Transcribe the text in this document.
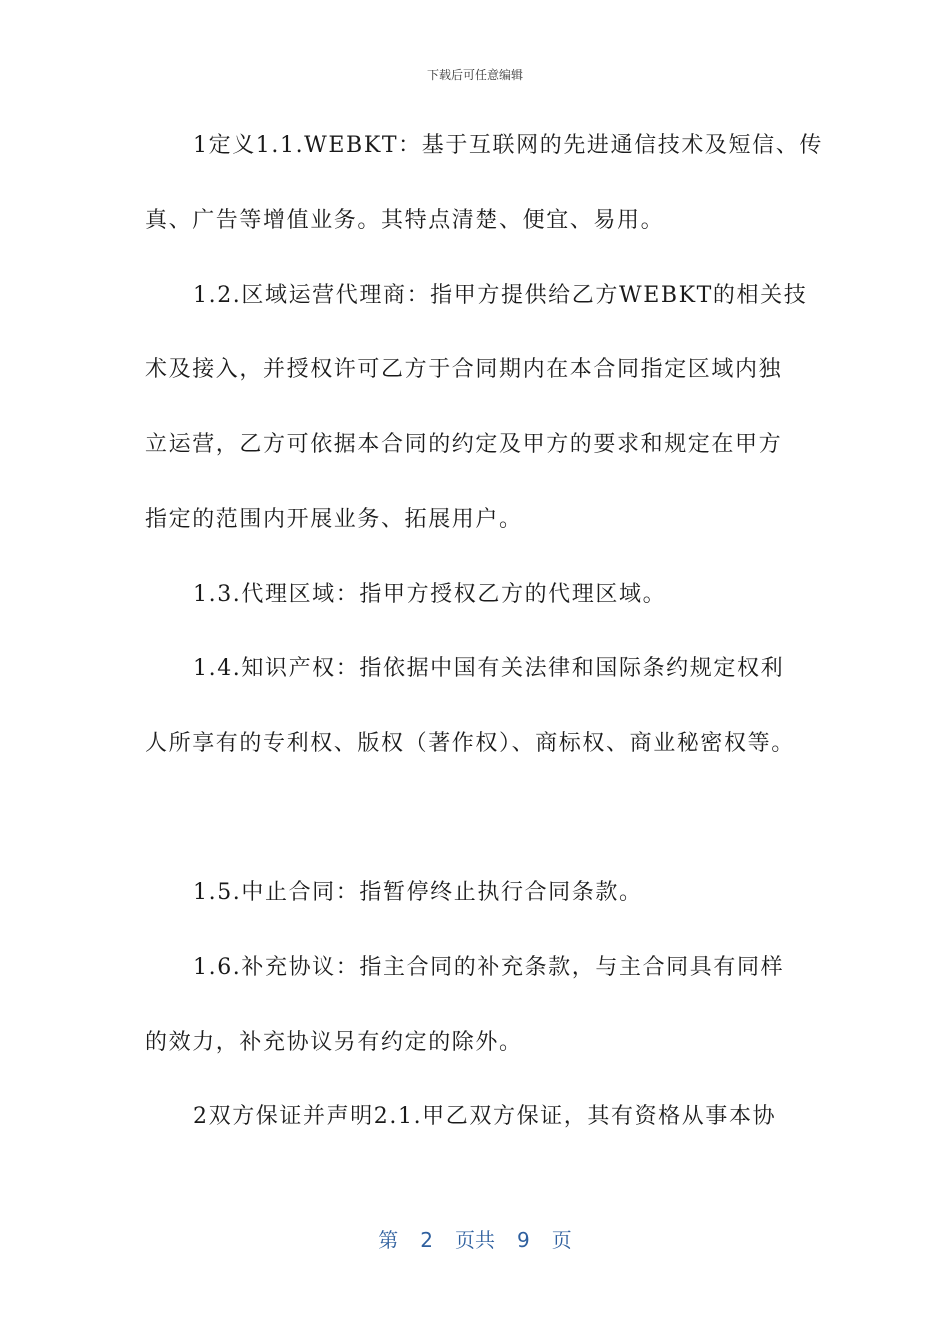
下载后可任意编辑
1定义1.1.WEBKT：基于互联网的先进通信技术及短信、传
真、广告等增值业务。其特点清楚、便宜、易用。
1.2.区域运营代理商：指甲方提供给乙方WEBKT的相关技
术及接入，并授权许可乙方于合同期内在本合同指定区域内独
立运营，乙方可依据本合同的约定及甲方的要求和规定在甲方
指定的范围内开展业务、拓展用户。
1.3.代理区域：指甲方授权乙方的代理区域。
1.4.知识产权：指依据中国有关法律和国际条约规定权利
人所享有的专利权、版权（著作权）、商标权、商业秘密权等。
1.5.中止合同：指暂停终止执行合同条款。
1.6.补充协议：指主合同的补充条款，与主合同具有同样
的效力，补充协议另有约定的除外。
2双方保证并声明2.1.甲乙双方保证，其有资格从事本协
第 2 页共 9 页
